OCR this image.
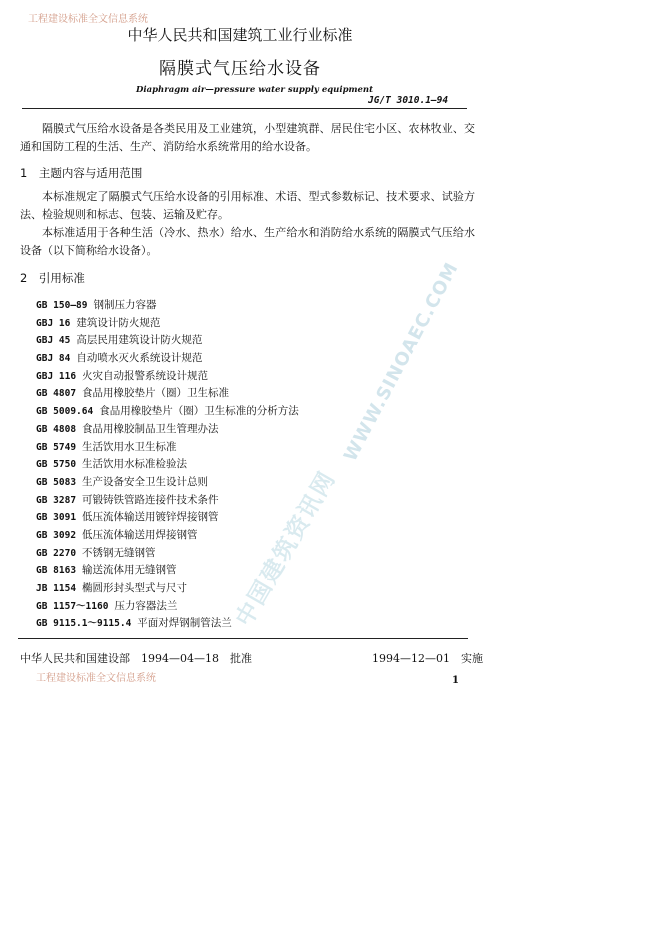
工程建设标准全文信息系统
WWW.SINOAEC.COM
中国建筑资讯网
中华人民共和国建筑工业行业标准
隔膜式气压给水设备
Diaphragm air—pressure water supply equipment
JG/T 3010.1—94
隔膜式气压给水设备是各类民用及工业建筑，小型建筑群、居民住宅小区、农林牧业、交通和国防工程的生活、生产、消防给水系统常用的给水设备。
1　主题内容与适用范围
本标准规定了隔膜式气压给水设备的引用标准、术语、型式参数标记、技术要求、试验方法、检验规则和标志、包装、运输及贮存。
本标准适用于各种生活（冷水、热水）给水、生产给水和消防给水系统的隔膜式气压给水设备（以下简称给水设备）。
2　引用标准
GB 150—89 钢制压力容器
GBJ 16 建筑设计防火规范
GBJ 45 高层民用建筑设计防火规范
GBJ 84 自动喷水灭火系统设计规范
GBJ 116 火灾自动报警系统设计规范
GB 4807 食品用橡胶垫片（圈）卫生标准
GB 5009.64 食品用橡胶垫片（圈）卫生标准的分析方法
GB 4808 食品用橡胶制品卫生管理办法
GB 5749 生活饮用水卫生标准
GB 5750 生活饮用水标准检验法
GB 5083 生产设备安全卫生设计总则
GB 3287 可锻铸铁管路连接件技术条件
GB 3091 低压流体输送用镀锌焊接钢管
GB 3092 低压流体输送用焊接钢管
GB 2270 不锈钢无缝钢管
GB 8163 输送流体用无缝钢管
JB 1154 椭圆形封头型式与尺寸
GB 1157～1160 压力容器法兰
GB 9115.1～9115.4 平面对焊钢制管法兰
中华人民共和国建设部　1994—04—18　批准	1994—12—01　实施
1
工程建设标准全文信息系统
